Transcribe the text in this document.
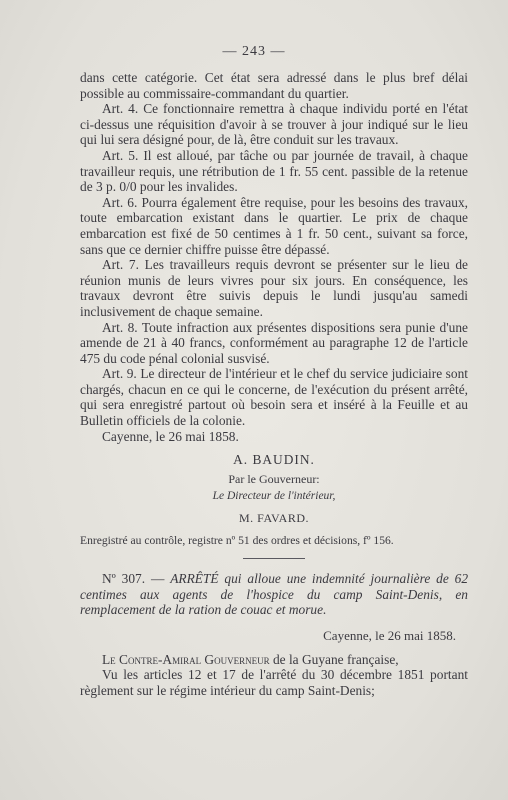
— 243 —

dans cette catégorie. Cet état sera adressé dans le plus bref délai possible au commissaire-commandant du quartier.

Art. 4. Ce fonctionnaire remettra à chaque individu porté en l'état ci-dessus une réquisition d'avoir à se trouver à jour indiqué sur le lieu qui lui sera désigné pour, de là, être conduit sur les travaux.

Art. 5. Il est alloué, par tâche ou par journée de travail, à chaque travailleur requis, une rétribution de 1 fr. 55 cent. passible de la retenue de 3 p. 0/0 pour les invalides.

Art. 6. Pourra également être requise, pour les besoins des travaux, toute embarcation existant dans le quartier. Le prix de chaque embarcation est fixé de 50 centimes à 1 fr. 50 cent., suivant sa force, sans que ce dernier chiffre puisse être dépassé.

Art. 7. Les travailleurs requis devront se présenter sur le lieu de réunion munis de leurs vivres pour six jours. En conséquence, les travaux devront être suivis depuis le lundi jusqu'au samedi inclusivement de chaque semaine.

Art. 8. Toute infraction aux présentes dispositions sera punie d'une amende de 21 à 40 francs, conformément au paragraphe 12 de l'article 475 du code pénal colonial susvisé.

Art. 9. Le directeur de l'intérieur et le chef du service judiciaire sont chargés, chacun en ce qui le concerne, de l'exécution du présent arrêté, qui sera enregistré partout où besoin sera et inséré à la Feuille et au Bulletin officiels de la colonie.

Cayenne, le 26 mai 1858.

A. BAUDIN.
Par le Gouverneur:
Le Directeur de l'intérieur,
M. FAVARD.
Enregistré au contrôle, registre nº 51 des ordres et décisions, fº 156.

Nº 307. — ARRÊTÉ qui alloue une indemnité journalière de 62 centimes aux agents de l'hospice du camp Saint-Denis, en remplacement de la ration de couac et morue.

Cayenne, le 26 mai 1858.

Le Contre-Amiral Gouverneur de la Guyane française,

Vu les articles 12 et 17 de l'arrêté du 30 décembre 1851 portant règlement sur le régime intérieur du camp Saint-Denis;
